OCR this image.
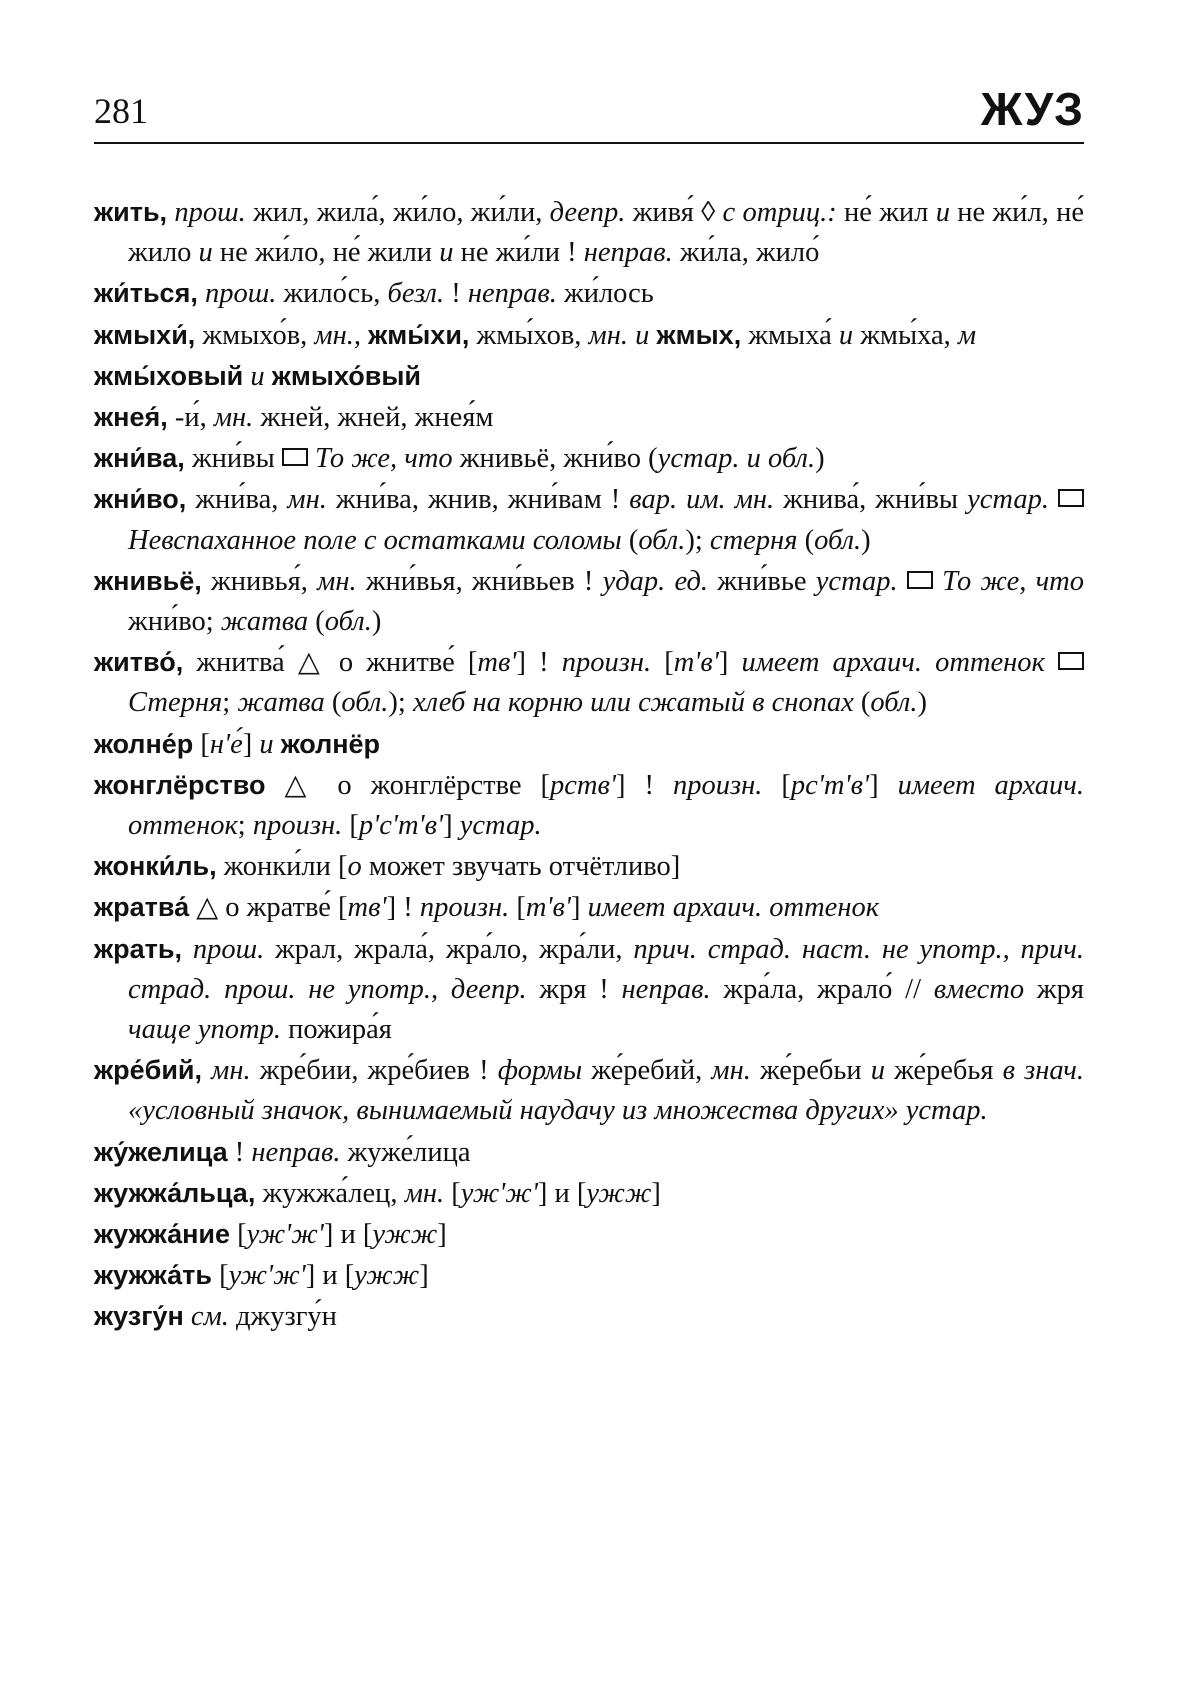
281	ЖУЗ
жить, прош. жил, жила́, жи́ло, жи́ли, деепр. живя́ ◊ с отриц.: не́ жил и не жи́л, не́ жило и не жи́ло, не́ жили и не жи́ли ! неправ. жи́ла, жило́
жи́ться, прош. жило́сь, безл. ! неправ. жи́лось
жмыхи́, жмыхо́в, мн., жмы́хи, жмы́хов, мн. и жмых, жмыха́ и жмы́ха, м
жмы́ховый и жмыхо́вый
жнея́, -и́, мн. жней, жней, жнея́м
жни́ва, жни́вы  То же, что жнивьё, жни́во (устар. и обл.)
жни́во, жни́ва, мн. жни́ва, жнив, жни́вам ! вар. им. мн. жнива́, жни́вы устар.  Невспаханное поле с остатками соломы (обл.); стерня (обл.)
жнивьё, жнивья́, мн. жни́вья, жни́вьев ! удар. ед. жни́вье устар. То же, что жни́во; жатва (обл.)
житво́, жнитва́ △ о жнитве́ [тв'] ! произн. [т'в'] имеет архаич. оттенок  Стерня; жатва (обл.); хлеб на корню или сжатый в снопах (обл.)
жолне́р [н'е́] и жолнёр
жонглёрство △ о жонглёрстве [рств'] ! произн. [рс'т'в'] имеет архаич. оттенок; произн. [р'с'т'в'] устар.
жонки́ль, жонки́ли [о может звучать отчётливо]
жратва́ △ о жратве́ [тв'] ! произн. [т'в'] имеет архаич. оттенок
жрать, прош. жрал, жрала́, жра́ло, жра́ли, прич. страд. наст. не употр., прич. страд. прош. не употр., деепр. жря ! неправ. жра́ла, жрало́ // вместо жря чаще употр. пожира́я
жре́бий, мн. жре́бии, жре́биев ! формы же́ребий, мн. же́ребьи и же́ребья в знач. «условный значок, вынимаемый наудачу из множества других» устар.
жу́желица ! неправ. жуже́лица
жужжа́льца, жужжа́лец, мн. [уж'ж'] и [ужж]
жужжа́ние [уж'ж'] и [ужж]
жужжа́ть [уж'ж'] и [ужж]
жузгу́н см. джузгу́н
